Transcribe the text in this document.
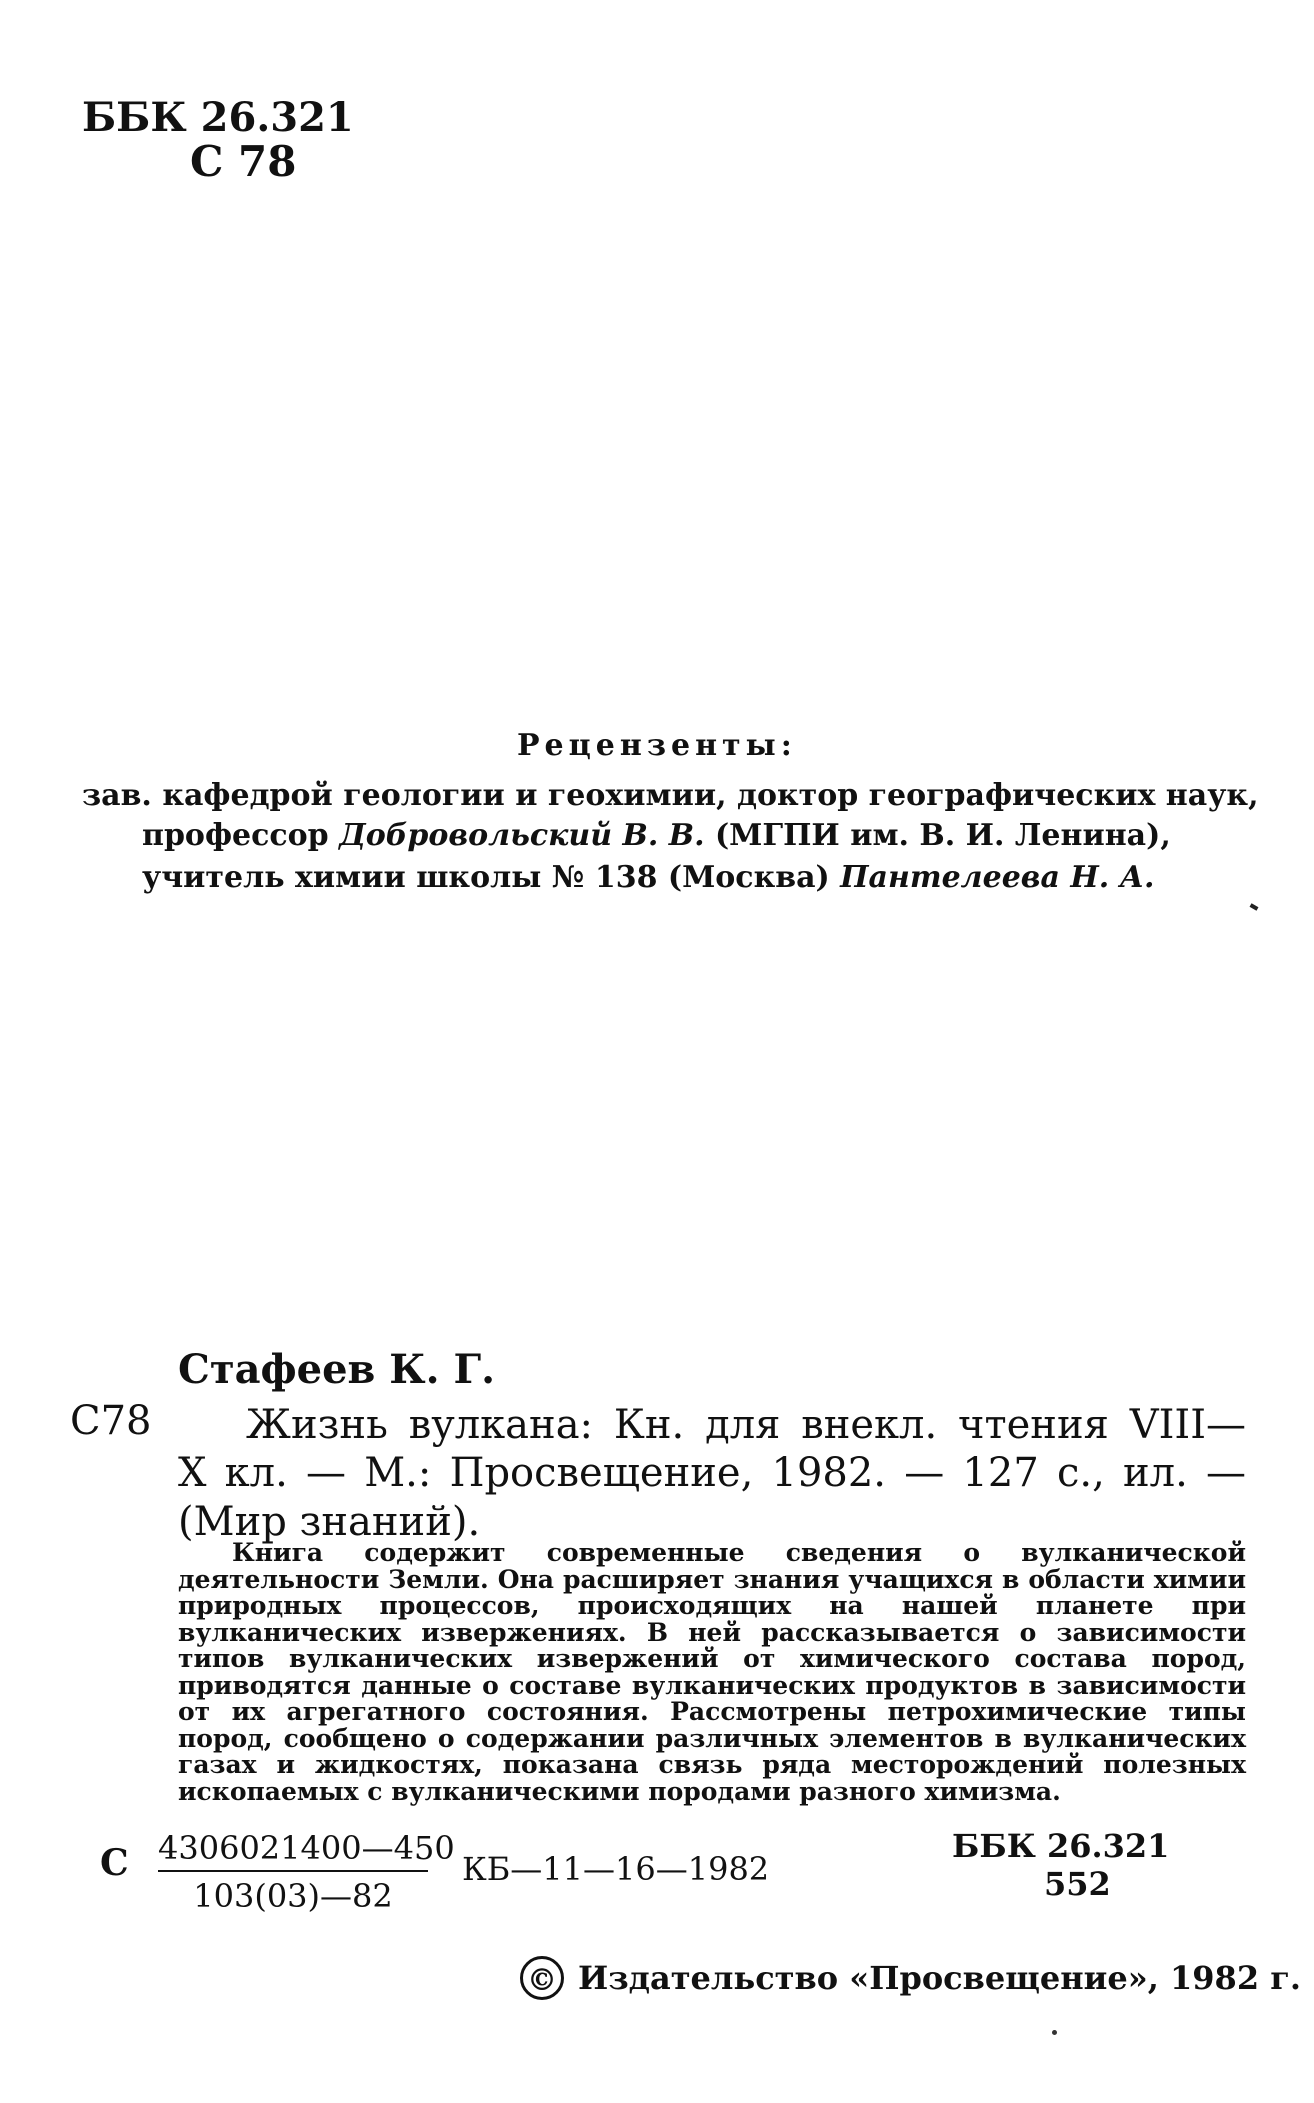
ББК 26.321
С 78
Рецензенты:
зав. кафедрой геологии и геохимии, доктор географических наук,
профессор Добровольский В. В. (МГПИ им. В. И. Ленина),
учитель химии школы № 138 (Москва) Пантелеева Н. А.
Стафеев К. Г.
С78 Жизнь вулкана: Кн. для внекл. чтения VIII—
X кл. — М.: Просвещение, 1982. — 127 с., ил. —
(Мир знаний).

Книга содержит современные сведения о вулканической деятельности Земли. Она расширяет знания учащихся в области химии природных процессов, происходящих на нашей планете при вулканических извержениях. В ней рассказывается о зависимости типов вулканических извержений от химического состава пород, приводятся данные о составе вулканических продуктов в зависимости от их агрегатного состояния. Рассмотрены петрохимические типы пород, сообщено о содержании различных элементов в вулканических газах и жидкостях, показана связь ряда месторождений полезных ископаемых с вулканическими породами разного химизма.

С 4306021400—450
103(03)—82
КБ—11—16—1982
ББК 26.321
552
© Издательство «Просвещение», 1982 г.
